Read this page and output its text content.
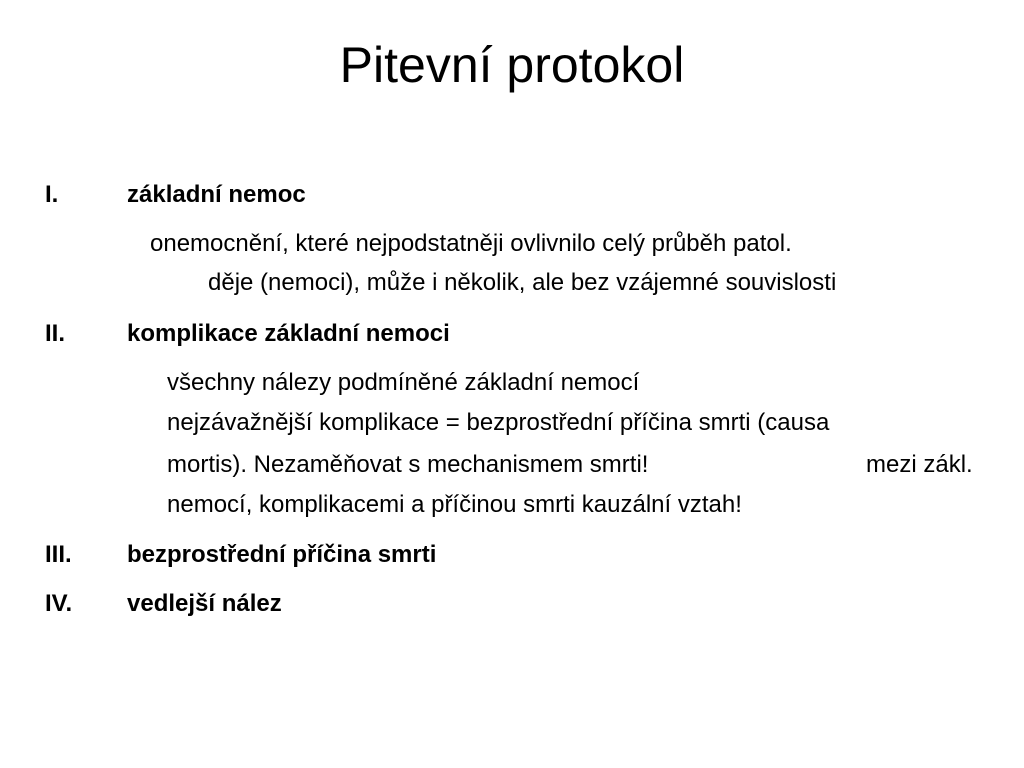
Pitevní protokol
I.	základní nemoc
onemocnění, které nejpodstatněji ovlivnilo celý průběh patol.
děje (nemoci), může i několik, ale bez vzájemné souvislosti
II.	komplikace základní nemoci
všechny nálezy podmíněné základní nemocí
nejzávažnější komplikace = bezprostřední příčina smrti (causa
mortis). Nezaměňovat s mechanismem smrti!	mezi zákl.
nemocí, komplikacemi a příčinou smrti kauzální vztah!
III. bezprostřední příčina smrti
IV. vedlejší nález
